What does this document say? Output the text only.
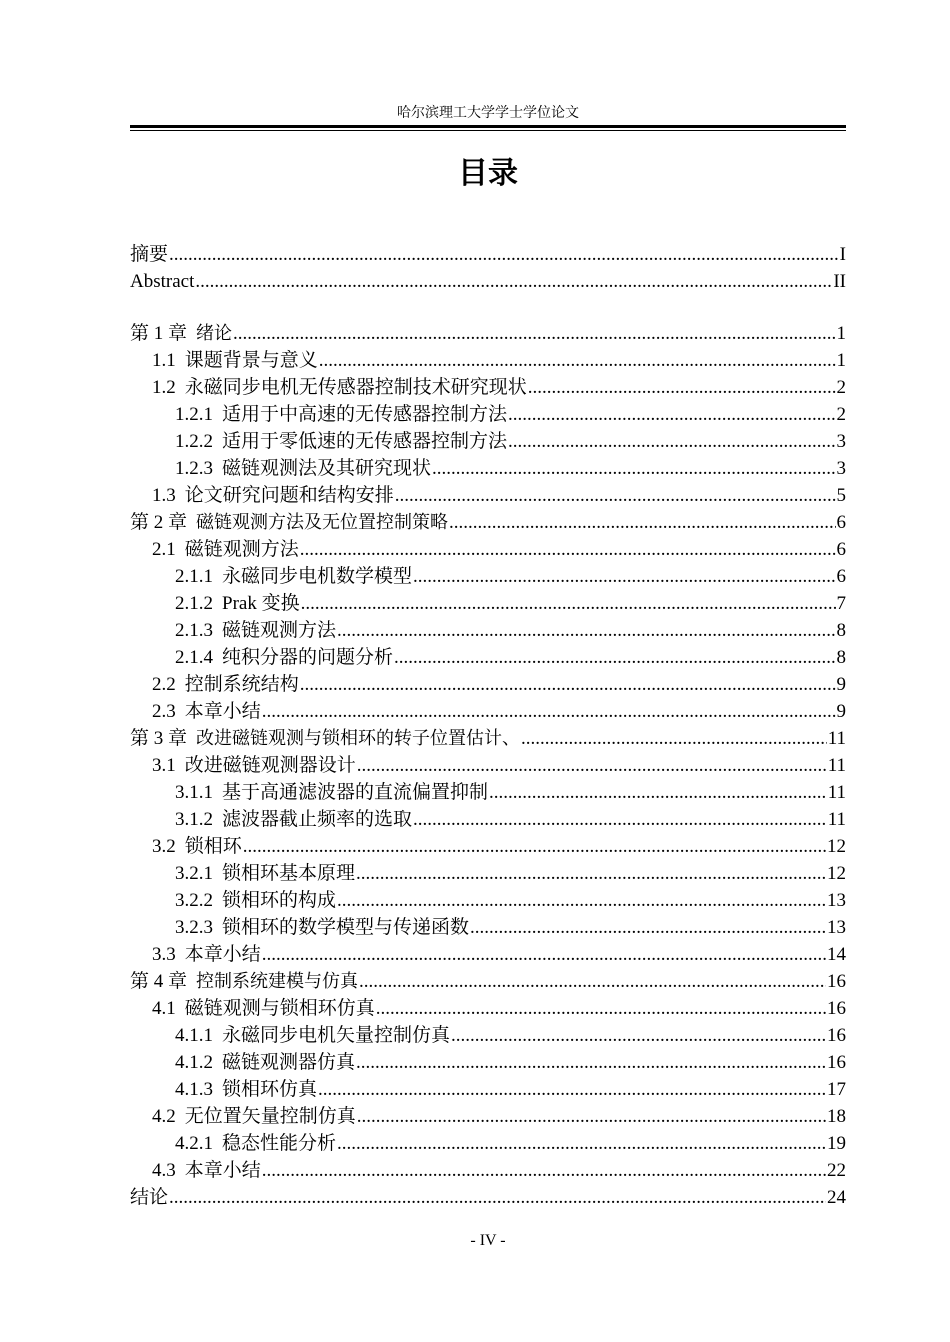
哈尔滨理工大学学士学位论文
目录
摘要 .....	I
Abstract .....	II
第 1 章 绪论 .....	1
1.1 课题背景与意义 .....	1
1.2 永磁同步电机无传感器控制技术研究现状 .....	2
1.2.1 适用于中高速的无传感器控制方法 .....	2
1.2.2 适用于零低速的无传感器控制方法 .....	3
1.2.3 磁链观测法及其研究现状 .....	3
1.3 论文研究问题和结构安排 .....	5
第 2 章 磁链观测方法及无位置控制策略 .....	6
2.1 磁链观测方法 .....	6
2.1.1 永磁同步电机数学模型 .....	6
2.1.2 Prak 变换 .....	7
2.1.3 磁链观测方法 .....	8
2.1.4 纯积分器的问题分析 .....	8
2.2 控制系统结构 .....	9
2.3 本章小结 .....	9
第 3 章 改进磁链观测与锁相环的转子位置估计、 .....	11
3.1 改进磁链观测器设计 .....	11
3.1.1 基于高通滤波器的直流偏置抑制 .....	11
3.1.2 滤波器截止频率的选取 .....	11
3.2 锁相环 .....	12
3.2.1 锁相环基本原理 .....	12
3.2.2 锁相环的构成 .....	13
3.2.3 锁相环的数学模型与传递函数 .....	13
3.3 本章小结 .....	14
第 4 章 控制系统建模与仿真 .....	16
4.1 磁链观测与锁相环仿真 .....	16
4.1.1 永磁同步电机矢量控制仿真 .....	16
4.1.2 磁链观测器仿真 .....	16
4.1.3 锁相环仿真 .....	17
4.2 无位置矢量控制仿真 .....	18
4.2.1 稳态性能分析 .....	19
4.3 本章小结 .....	22
结论 .....	24
- IV -
